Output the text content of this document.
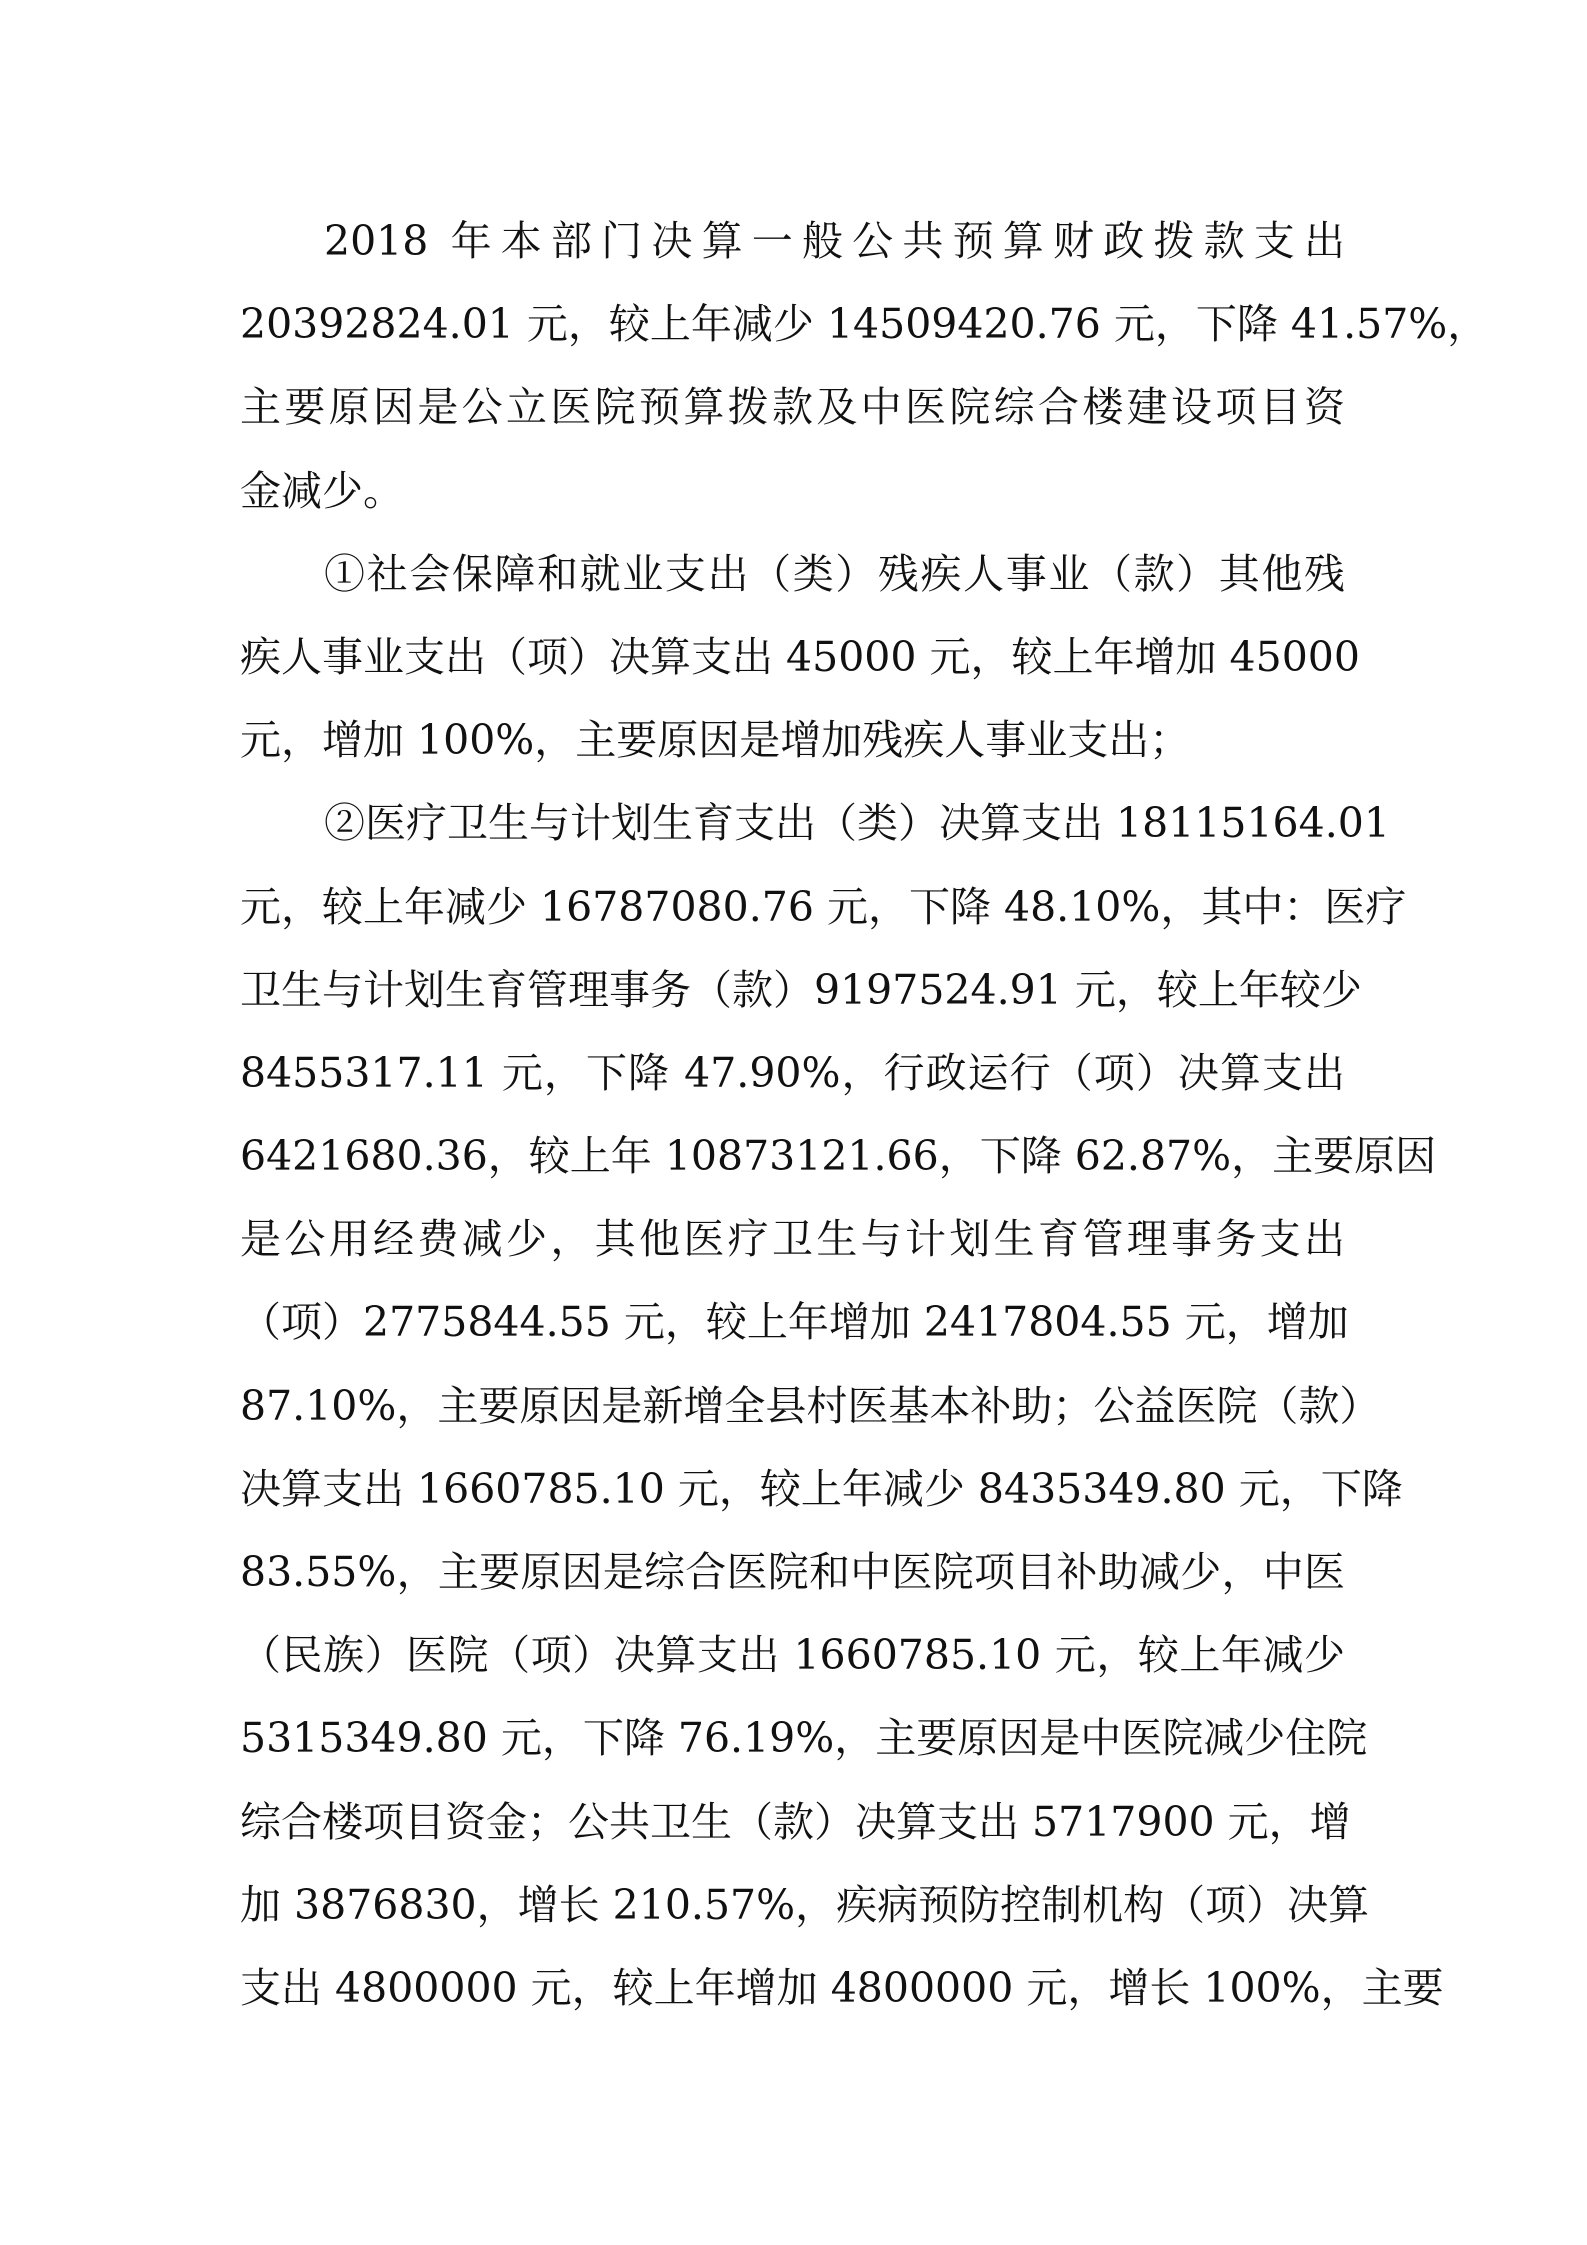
2018 年本部门决算一般公共预算财政拨款支出
20392824.01 元，较上年减少 14509420.76 元，下降 41.57%，
主要原因是公立医院预算拨款及中医院综合楼建设项目资
金减少。
①社会保障和就业支出（类）残疾人事业（款）其他残
疾人事业支出（项）决算支出 45000 元，较上年增加 45000
元，增加 100%，主要原因是增加残疾人事业支出；
②医疗卫生与计划生育支出（类）决算支出 18115164.01
元，较上年减少 16787080.76 元，下降 48.10%，其中：医疗
卫生与计划生育管理事务（款）9197524.91 元，较上年较少
8455317.11 元，下降 47.90%，行政运行（项）决算支出
6421680.36，较上年 10873121.66，下降 62.87%，主要原因
是公用经费减少，其他医疗卫生与计划生育管理事务支出
（项）2775844.55 元，较上年增加 2417804.55 元，增加
87.10%，主要原因是新增全县村医基本补助；公益医院（款）
决算支出 1660785.10 元，较上年减少 8435349.80 元，下降
83.55%，主要原因是综合医院和中医院项目补助减少，中医
（民族）医院（项）决算支出 1660785.10 元，较上年减少
5315349.80 元，下降 76.19%，主要原因是中医院减少住院
综合楼项目资金；公共卫生（款）决算支出 5717900 元，增
加 3876830，增长 210.57%，疾病预防控制机构（项）决算
支出 4800000 元，较上年增加 4800000 元，增长 100%，主要
